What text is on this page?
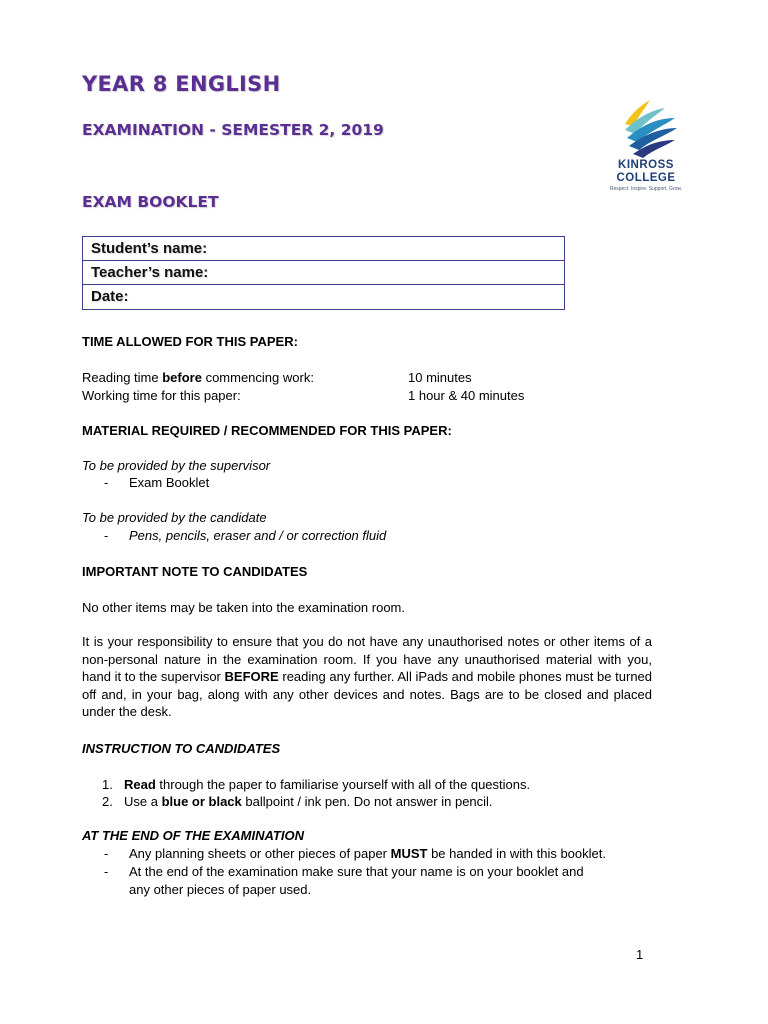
YEAR 8 ENGLISH
EXAMINATION - SEMESTER 2, 2019
EXAM BOOKLET
KINROSS
COLLEGE
Respect. Inspire. Support. Grow.
Student’s name:
Teacher’s name:
Date:
TIME ALLOWED FOR THIS PAPER:
Reading time before commencing work:	10 minutes
Working time for this paper:	1 hour & 40 minutes
MATERIAL REQUIRED / RECOMMENDED FOR THIS PAPER:
To be provided by the supervisor
- Exam Booklet
To be provided by the candidate
- Pens, pencils, eraser and / or correction fluid
IMPORTANT NOTE TO CANDIDATES
No other items may be taken into the examination room.
It is your responsibility to ensure that you do not have any unauthorised notes or other items of a non-personal nature in the examination room. If you have any unauthorised material with you, hand it to the supervisor BEFORE reading any further. All iPads and mobile phones must be turned off and, in your bag, along with any other devices and notes. Bags are to be closed and placed under the desk.
INSTRUCTION TO CANDIDATES
1. Read through the paper to familiarise yourself with all of the questions.
2. Use a blue or black ballpoint / ink pen. Do not answer in pencil.
AT THE END OF THE EXAMINATION
- Any planning sheets or other pieces of paper MUST be handed in with this booklet.
- At the end of the examination make sure that your name is on your booklet and
any other pieces of paper used.
1
